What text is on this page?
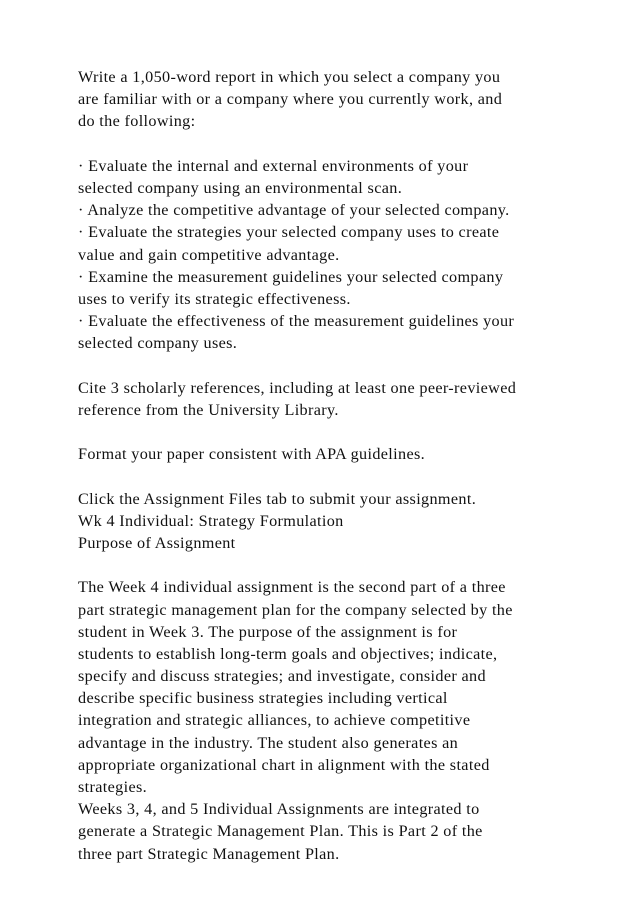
Write a 1,050-word report in which you select a company you
are familiar with or a company where you currently work, and
do the following:
· Evaluate the internal and external environments of your
selected company using an environmental scan.
· Analyze the competitive advantage of your selected company.
· Evaluate the strategies your selected company uses to create
value and gain competitive advantage.
· Examine the measurement guidelines your selected company
uses to verify its strategic effectiveness.
· Evaluate the effectiveness of the measurement guidelines your
selected company uses.
Cite 3 scholarly references, including at least one peer-reviewed
reference from the University Library.
Format your paper consistent with APA guidelines.
Click the Assignment Files tab to submit your assignment.
Wk 4 Individual: Strategy Formulation
Purpose of Assignment
The Week 4 individual assignment is the second part of a three
part strategic management plan for the company selected by the
student in Week 3. The purpose of the assignment is for
students to establish long-term goals and objectives; indicate,
specify and discuss strategies; and investigate, consider and
describe specific business strategies including vertical
integration and strategic alliances, to achieve competitive
advantage in the industry. The student also generates an
appropriate organizational chart in alignment with the stated
strategies.
Weeks 3, 4, and 5 Individual Assignments are integrated to
generate a Strategic Management Plan. This is Part 2 of the
three part Strategic Management Plan.
